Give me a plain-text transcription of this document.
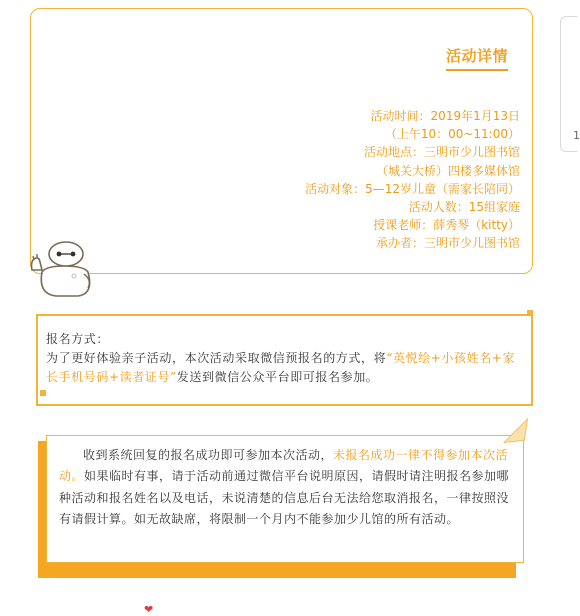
活动详情
活动时间：2019年1月13日
（上午10：00~11:00）
活动地点：三明市少儿图书馆
（城关大桥）四楼多媒体馆
活动对象：5—12岁儿童（需家长陪同）
活动人数：15组家庭
授课老师：薛秀琴（kitty）
承办者：三明市少儿图书馆
1
报名方式：
为了更好体验亲子活动，本次活动采取微信预报名的方式，将“英悦绘+小孩姓名+家长手机号码+读者证号”发送到微信公众平台即可报名参加。
收到系统回复的报名成功即可参加本次活动，未报名成功一律不得参加本次活动。如果临时有事，请于活动前通过微信平台说明原因，请假时请注明报名参加哪种活动和报名姓名以及电话，未说清楚的信息后台无法给您取消报名，一律按照没有请假计算。如无故缺席，将限制一个月内不能参加少儿馆的所有活动。
❤
